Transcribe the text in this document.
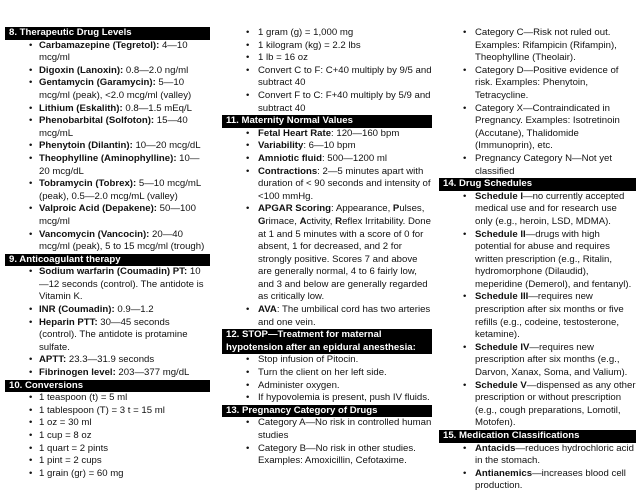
8. Therapeutic Drug Levels
• Carbamazepine (Tegretol): 4—10 mcg/ml
• Digoxin (Lanoxin): 0.8—2.0 ng/ml
• Gentamycin (Garamycin): 5—10 mcg/ml (peak), <2.0 mcg/ml (valley)
• Lithium (Eskalith): 0.8—1.5 mEq/L
• Phenobarbital (Solfoton): 15—40 mcg/mL
• Phenytoin (Dilantin): 10—20 mcg/dL
• Theophylline (Aminophylline): 10—20 mcg/dL
• Tobramycin (Tobrex): 5—10 mcg/mL (peak), 0.5—2.0 mcg/mL (valley)
• Valproic Acid (Depakene): 50—100 mcg/ml
• Vancomycin (Vancocin): 20—40 mcg/ml (peak), 5 to 15 mcg/ml (trough)
9. Anticoagulant therapy
• Sodium warfarin (Coumadin) PT: 10—12 seconds (control). The antidote is Vitamin K.
• INR (Coumadin): 0.9—1.2
• Heparin PTT: 30—45 seconds (control). The antidote is protamine sulfate.
• APTT: 23.3—31.9 seconds
• Fibrinogen level: 203—377 mg/dL
10. Conversions
• 1 teaspoon (t) = 5 ml
• 1 tablespoon (T) = 3 t = 15 ml
• 1 oz = 30 ml
• 1 cup = 8 oz
• 1 quart = 2 pints
• 1 pint = 2 cups
• 1 grain (gr) = 60 mg
• 1 gram (g) = 1,000 mg
• 1 kilogram (kg) = 2.2 lbs
• 1 lb = 16 oz
• Convert C to F: C+40 multiply by 9/5 and subtract 40
• Convert F to C: F+40 multiply by 5/9 and subtract 40
11. Maternity Normal Values
• Fetal Heart Rate: 120—160 bpm
• Variability: 6—10 bpm
• Amniotic fluid: 500—1200 ml
• Contractions: 2—5 minutes apart with duration of < 90 seconds and intensity of <100 mmHg.
• APGAR Scoring: Appearance, Pulses, Grimace, Activity, Reflex Irritability. Done at 1 and 5 minutes with a score of 0 for absent, 1 for decreased, and 2 for strongly positive. Scores 7 and above are generally normal, 4 to 6 fairly low, and 3 and below are generally regarded as critically low.
• AVA: The umbilical cord has two arteries and one vein.
12. STOP—Treatment for maternal hypotension after an epidural anesthesia:
• Stop infusion of Pitocin.
• Turn the client on her left side.
• Administer oxygen.
• If hypovolemia is present, push IV fluids.
13. Pregnancy Category of Drugs
• Category A—No risk in controlled human studies
• Category B—No risk in other studies. Examples: Amoxicillin, Cefotaxime.
• Category C—Risk not ruled out. Examples: Rifampicin (Rifampin), Theophylline (Theolair).
• Category D—Positive evidence of risk. Examples: Phenytoin, Tetracycline.
• Category X—Contraindicated in Pregnancy. Examples: Isotretinoin (Accutane), Thalidomide (Immunoprin), etc.
• Pregnancy Category N—Not yet classified
14. Drug Schedules
• Schedule I—no currently accepted medical use and for research use only (e.g., heroin, LSD, MDMA).
• Schedule II—drugs with high potential for abuse and requires written prescription (e.g., Ritalin, hydromorphone (Dilaudid), meperidine (Demerol), and fentanyl).
• Schedule III—requires new prescription after six months or five refills (e.g., codeine, testosterone, ketamine).
• Schedule IV—requires new prescription after six months (e.g., Darvon, Xanax, Soma, and Valium).
• Schedule V—dispensed as any other prescription or without prescription (e.g., cough preparations, Lomotil, Motofen).
15. Medication Classifications
• Antacids—reduces hydrochloric acid in the stomach.
• Antianemics—increases blood cell production.
